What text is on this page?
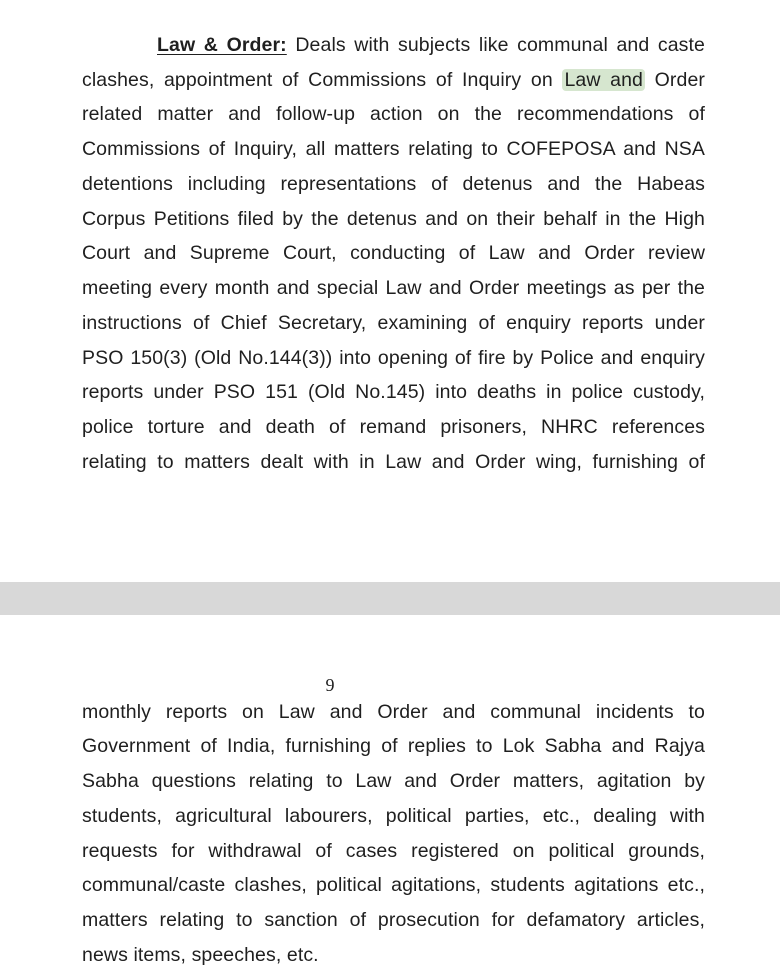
Law & Order: Deals with subjects like communal and caste
clashes, appointment of Commissions of Inquiry on Law and Order
related matter and follow-up action on the recommendations of
Commissions of Inquiry, all matters relating to COFEPOSA and NSA
detentions including representations of detenus and the Habeas
Corpus Petitions filed by the detenus and on their behalf in the High
Court and Supreme Court, conducting of Law and Order review
meeting every month and special Law and Order meetings as per the
instructions of Chief Secretary, examining of enquiry reports under
PSO 150(3) (Old No.144(3)) into opening of fire by Police and enquiry
reports under PSO 151 (Old No.145) into deaths in police custody,
police torture and death of remand prisoners, NHRC references
relating to matters dealt with in Law and Order wing, furnishing of
9
monthly reports on Law and Order and communal incidents to
Government of India, furnishing of replies to Lok Sabha and Rajya
Sabha questions relating to Law and Order matters, agitation by
students, agricultural labourers, political parties, etc., dealing with
requests for withdrawal of cases registered on political grounds,
communal/caste clashes, political agitations, students agitations etc.,
matters relating to sanction of prosecution for defamatory articles,
news items, speeches, etc.
